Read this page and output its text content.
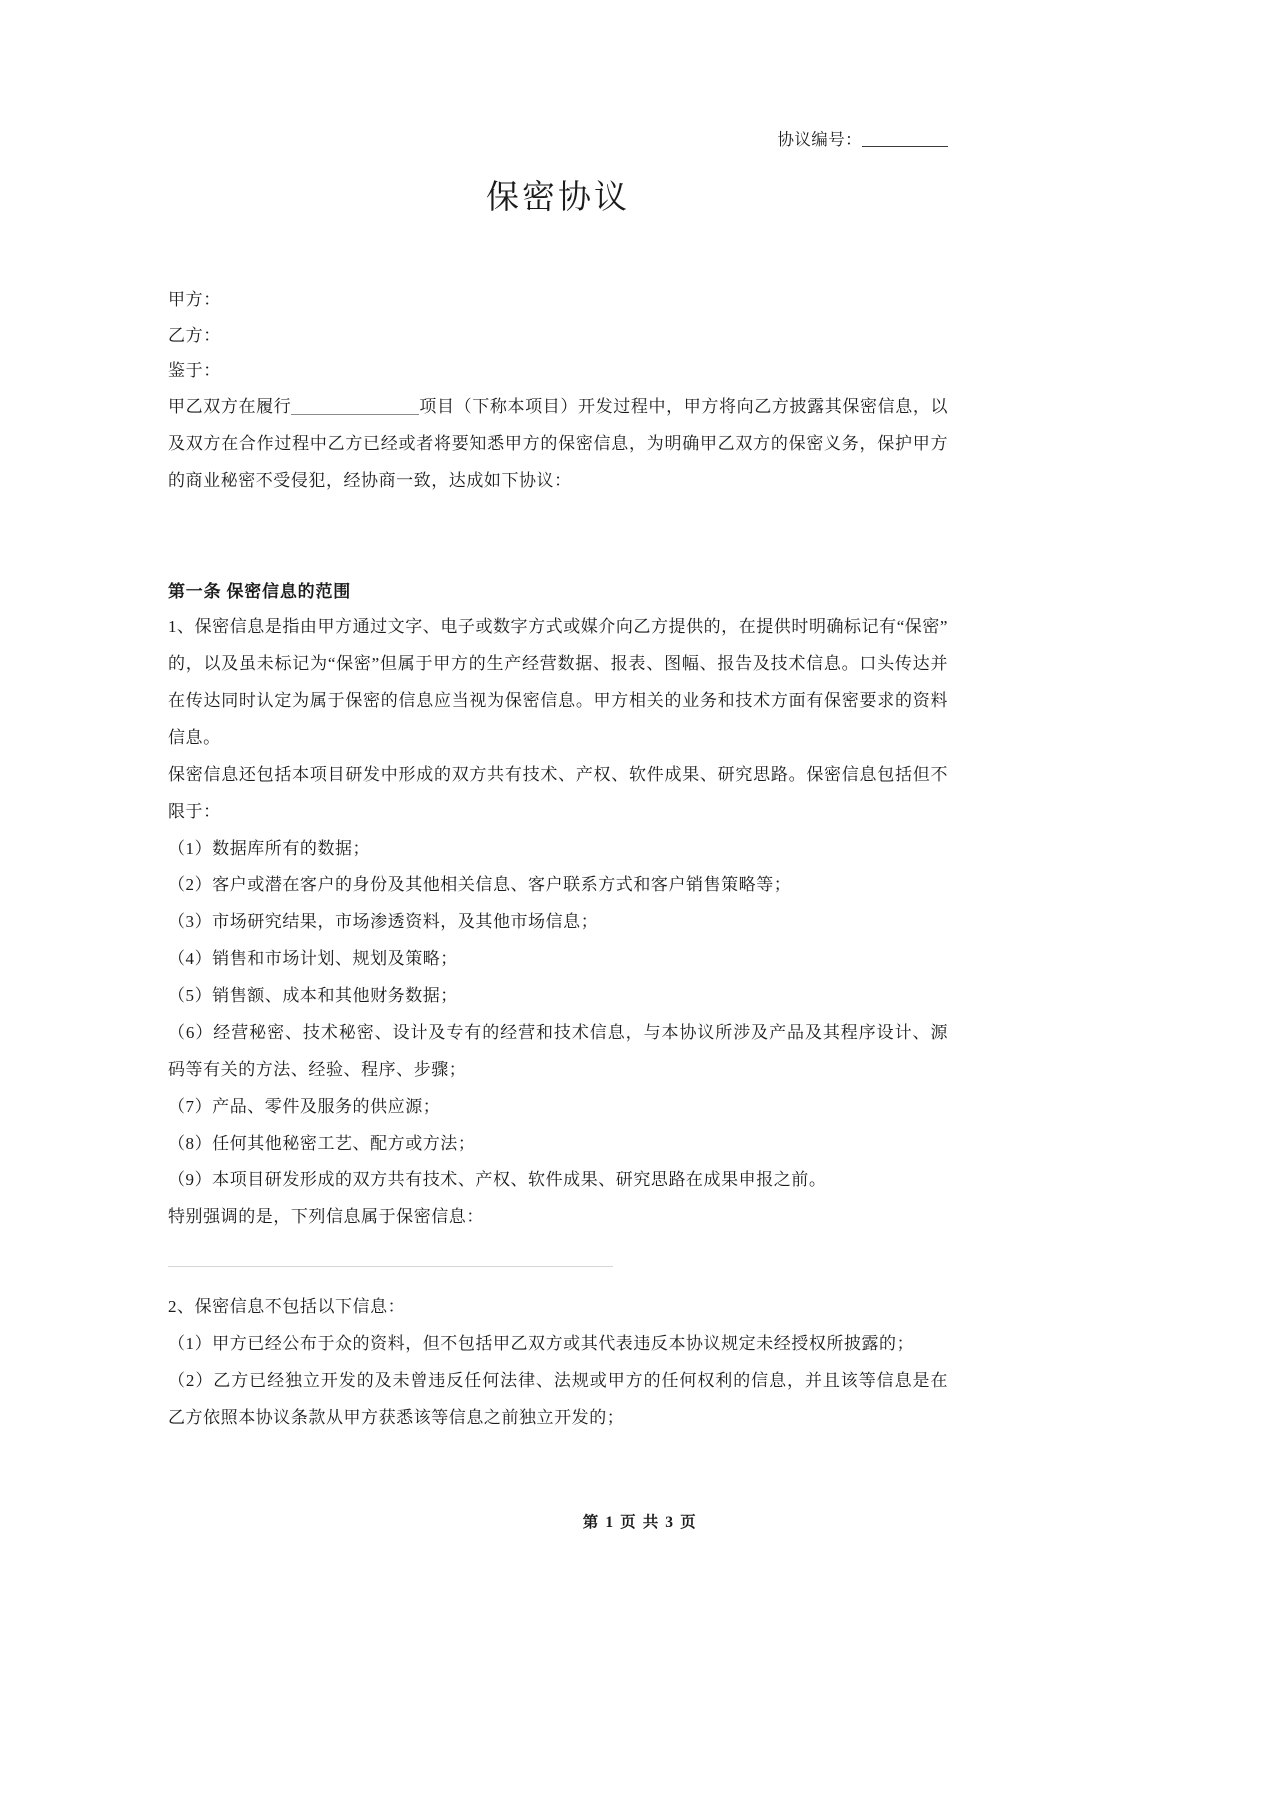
协议编号：
保密协议
甲方：
乙方：
鉴于：
甲乙双方在履行	项目（下称本项目）开发过程中，甲方将向乙方披露其保密信息，以及双方在合作过程中乙方已经或者将要知悉甲方的保密信息，为明确甲乙双方的保密义务，保护甲方的商业秘密不受侵犯，经协商一致，达成如下协议：
第一条 保密信息的范围
1、保密信息是指由甲方通过文字、电子或数字方式或媒介向乙方提供的，在提供时明确标记有“保密”的，以及虽未标记为“保密”但属于甲方的生产经营数据、报表、图幅、报告及技术信息。口头传达并在传达同时认定为属于保密的信息应当视为保密信息。甲方相关的业务和技术方面有保密要求的资料信息。
保密信息还包括本项目研发中形成的双方共有技术、产权、软件成果、研究思路。保密信息包括但不限于：
（1）数据库所有的数据；
（2）客户或潜在客户的身份及其他相关信息、客户联系方式和客户销售策略等；
（3）市场研究结果，市场渗透资料，及其他市场信息；
（4）销售和市场计划、规划及策略；
（5）销售额、成本和其他财务数据；
（6）经营秘密、技术秘密、设计及专有的经营和技术信息，与本协议所涉及产品及其程序设计、源码等有关的方法、经验、程序、步骤；
（7）产品、零件及服务的供应源；
（8）任何其他秘密工艺、配方或方法；
（9）本项目研发形成的双方共有技术、产权、软件成果、研究思路在成果申报之前。
特别强调的是，下列信息属于保密信息：
2、保密信息不包括以下信息：
（1）甲方已经公布于众的资料，但不包括甲乙双方或其代表违反本协议规定未经授权所披露的；
（2）乙方已经独立开发的及未曾违反任何法律、法规或甲方的任何权利的信息，并且该等信息是在乙方依照本协议条款从甲方获悉该等信息之前独立开发的；
第 1 页 共 3 页
